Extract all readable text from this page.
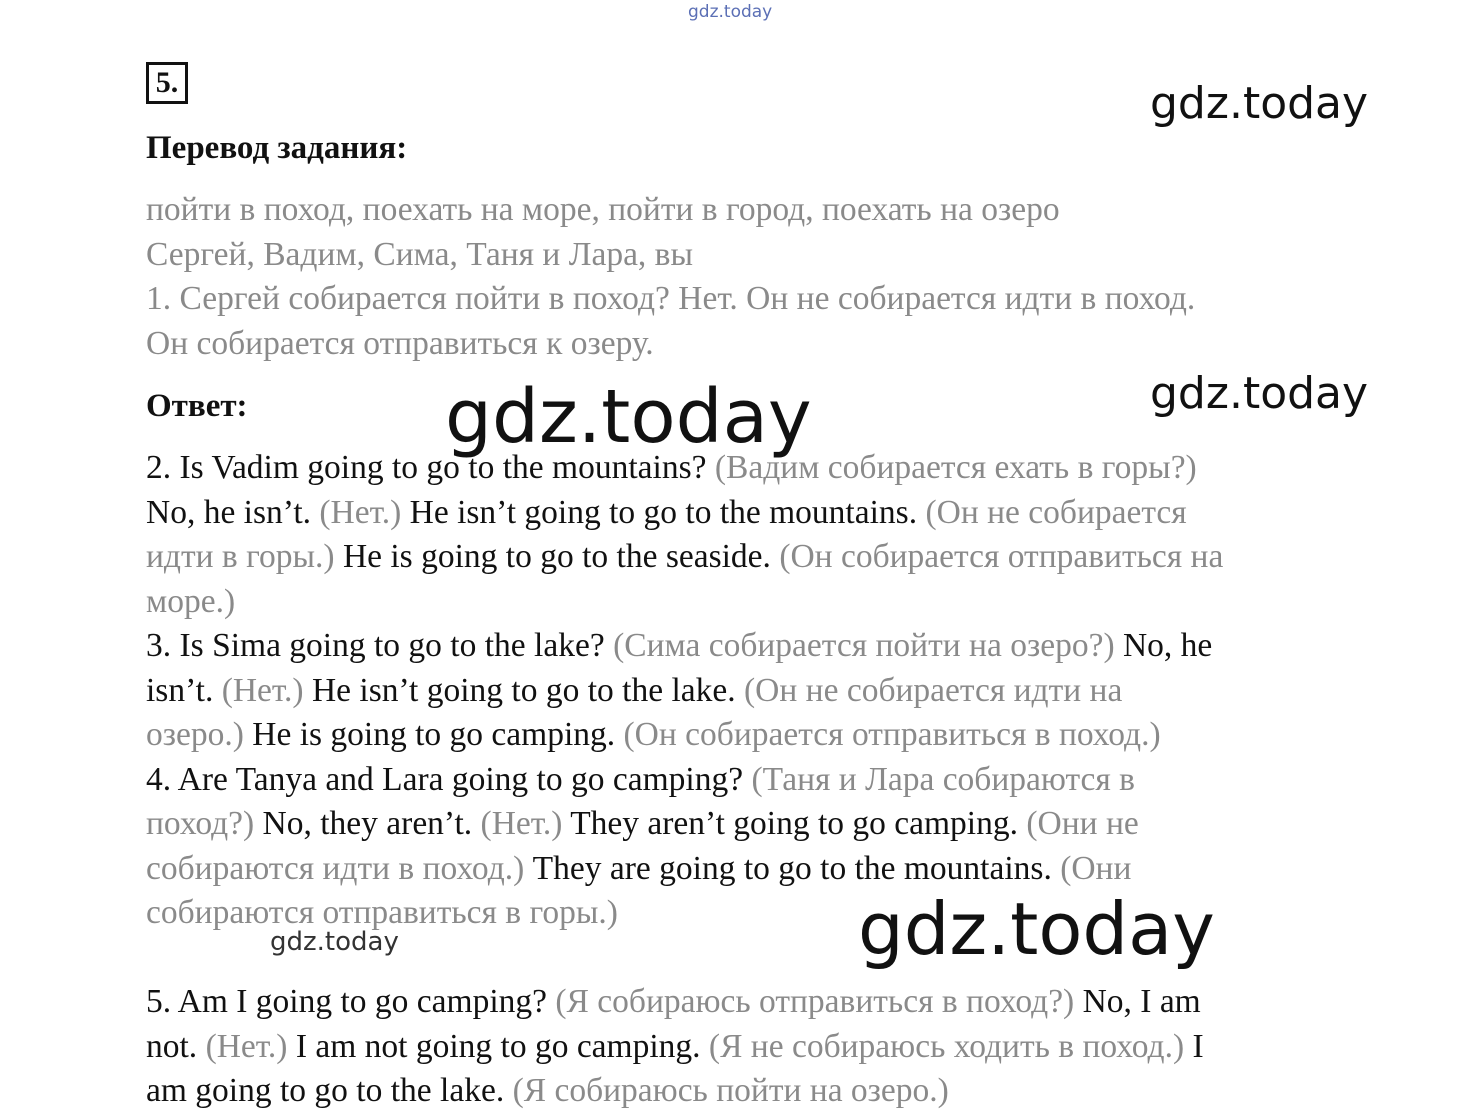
gdz.today
gdz.today
gdz.today
gdz.today
gdz.today	gdz.today
5.
Перевод задания:
пойти в поход, поехать на море, пойти в город, поехать на озеро
Сергей, Вадим, Сима, Таня и Лара, вы
1. Сергей собирается пойти в поход? Нет. Он не собирается идти в поход.
Он собирается отправиться к озеру.
Ответ:
2. Is Vadim going to go to the mountains? (Вадим собирается ехать в горы?)
No, he isn’t. (Нет.) He isn’t going to go to the mountains. (Он не собирается
идти в горы.) He is going to go to the seaside. (Он собирается отправиться на
море.)
3. Is Sima going to go to the lake? (Сима собирается пойти на озеро?) No, he
isn’t. (Нет.) He isn’t going to go to the lake. (Он не собирается идти на
озеро.) He is going to go camping. (Он собирается отправиться в поход.)
4. Are Tanya and Lara going to go camping? (Таня и Лара собираются в
поход?) No, they aren’t. (Нет.) They aren’t going to go camping. (Они не
собираются идти в поход.) They are going to go to the mountains. (Они
собираются отправиться в горы.)

5. Am I going to go camping? (Я собираюсь отправиться в поход?) No, I am
not. (Нет.) I am not going to go camping. (Я не собираюсь ходить в поход.) I
am going to go to the lake. (Я собираюсь пойти на озеро.)
